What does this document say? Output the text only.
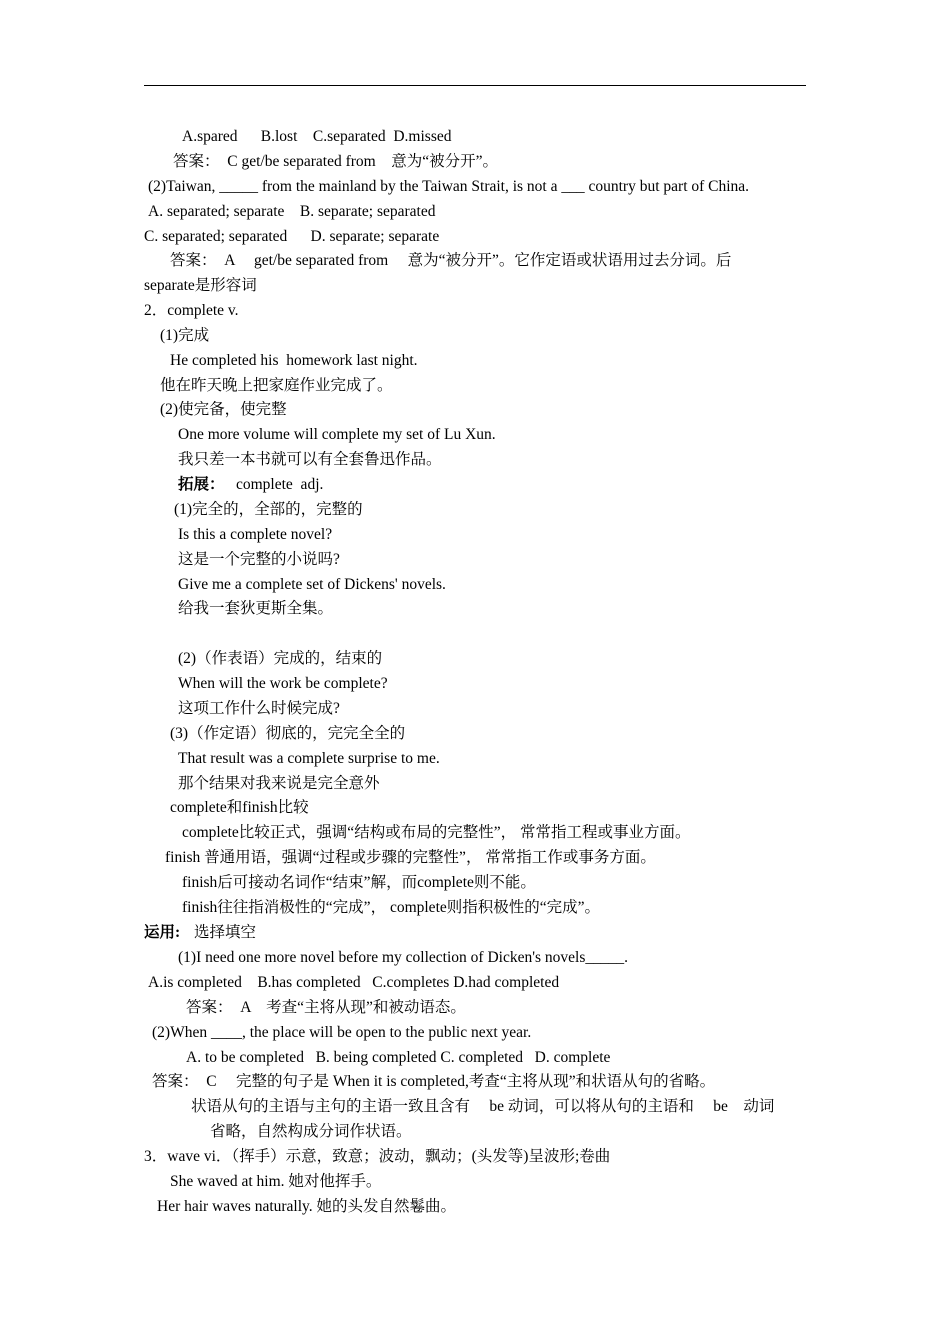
A.spared      B.lost    C.separated  D.missed
答案：  C get/be separated from    意为“被分开”。
(2)Taiwan, _____ from the mainland by the Taiwan Strait, is not a ___ country but part of China.
A. separated; separate    B. separate; separated
C. separated; separated      D. separate; separate
答案：  A     get/be separated from     意为“被分开”。它作定语或状语用过去分词。后
separate是形容词
2．complete v.
(1)完成
He completed his  homework last night.
他在昨天晚上把家庭作业完成了。
(2)使完备，使完整
One more volume will complete my set of Lu Xun.
我只差一本书就可以有全套鲁迅作品。
拓展： complete  adj.
(1)完全的，全部的，完整的
Is this a complete novel?
这是一个完整的小说吗?
Give me a complete set of Dickens' novels.
给我一套狄更斯全集。
(2)（作表语）完成的，结束的
When will the work be complete?
这项工作什么时候完成?
(3)（作定语）彻底的，完完全全的
That result was a complete surprise to me.
那个结果对我来说是完全意外
complete和finish比较
complete比较正式，强调“结构或布局的完整性”， 常常指工程或事业方面。
finish 普通用语，强调“过程或步骤的完整性”， 常常指工作或事务方面。
finish后可接动名词作“结束”解，而complete则不能。
finish往往指消极性的“完成”， complete则指积极性的“完成”。
运用: 选择填空
(1)I need one more novel before my collection of Dicken's novels_____.
A.is completed    B.has completed   C.completes D.had completed
答案：  A    考查“主将从现”和被动语态。
(2)When ____, the place will be open to the public next year.
A. to be completed   B. being completed C. completed   D. complete
答案：  C     完整的句子是 When it is completed,考查“主将从现”和状语从句的省略。
状语从句的主语与主句的主语一致且含有     be 动词，可以将从句的主语和     be    动词
省略，自然构成分词作状语。
3．wave vi．（挥手）示意，致意；波动，飘动；(头发等)呈波形;卷曲
She waved at him. 她对他挥手。
Her hair waves naturally. 她的头发自然鬈曲。
